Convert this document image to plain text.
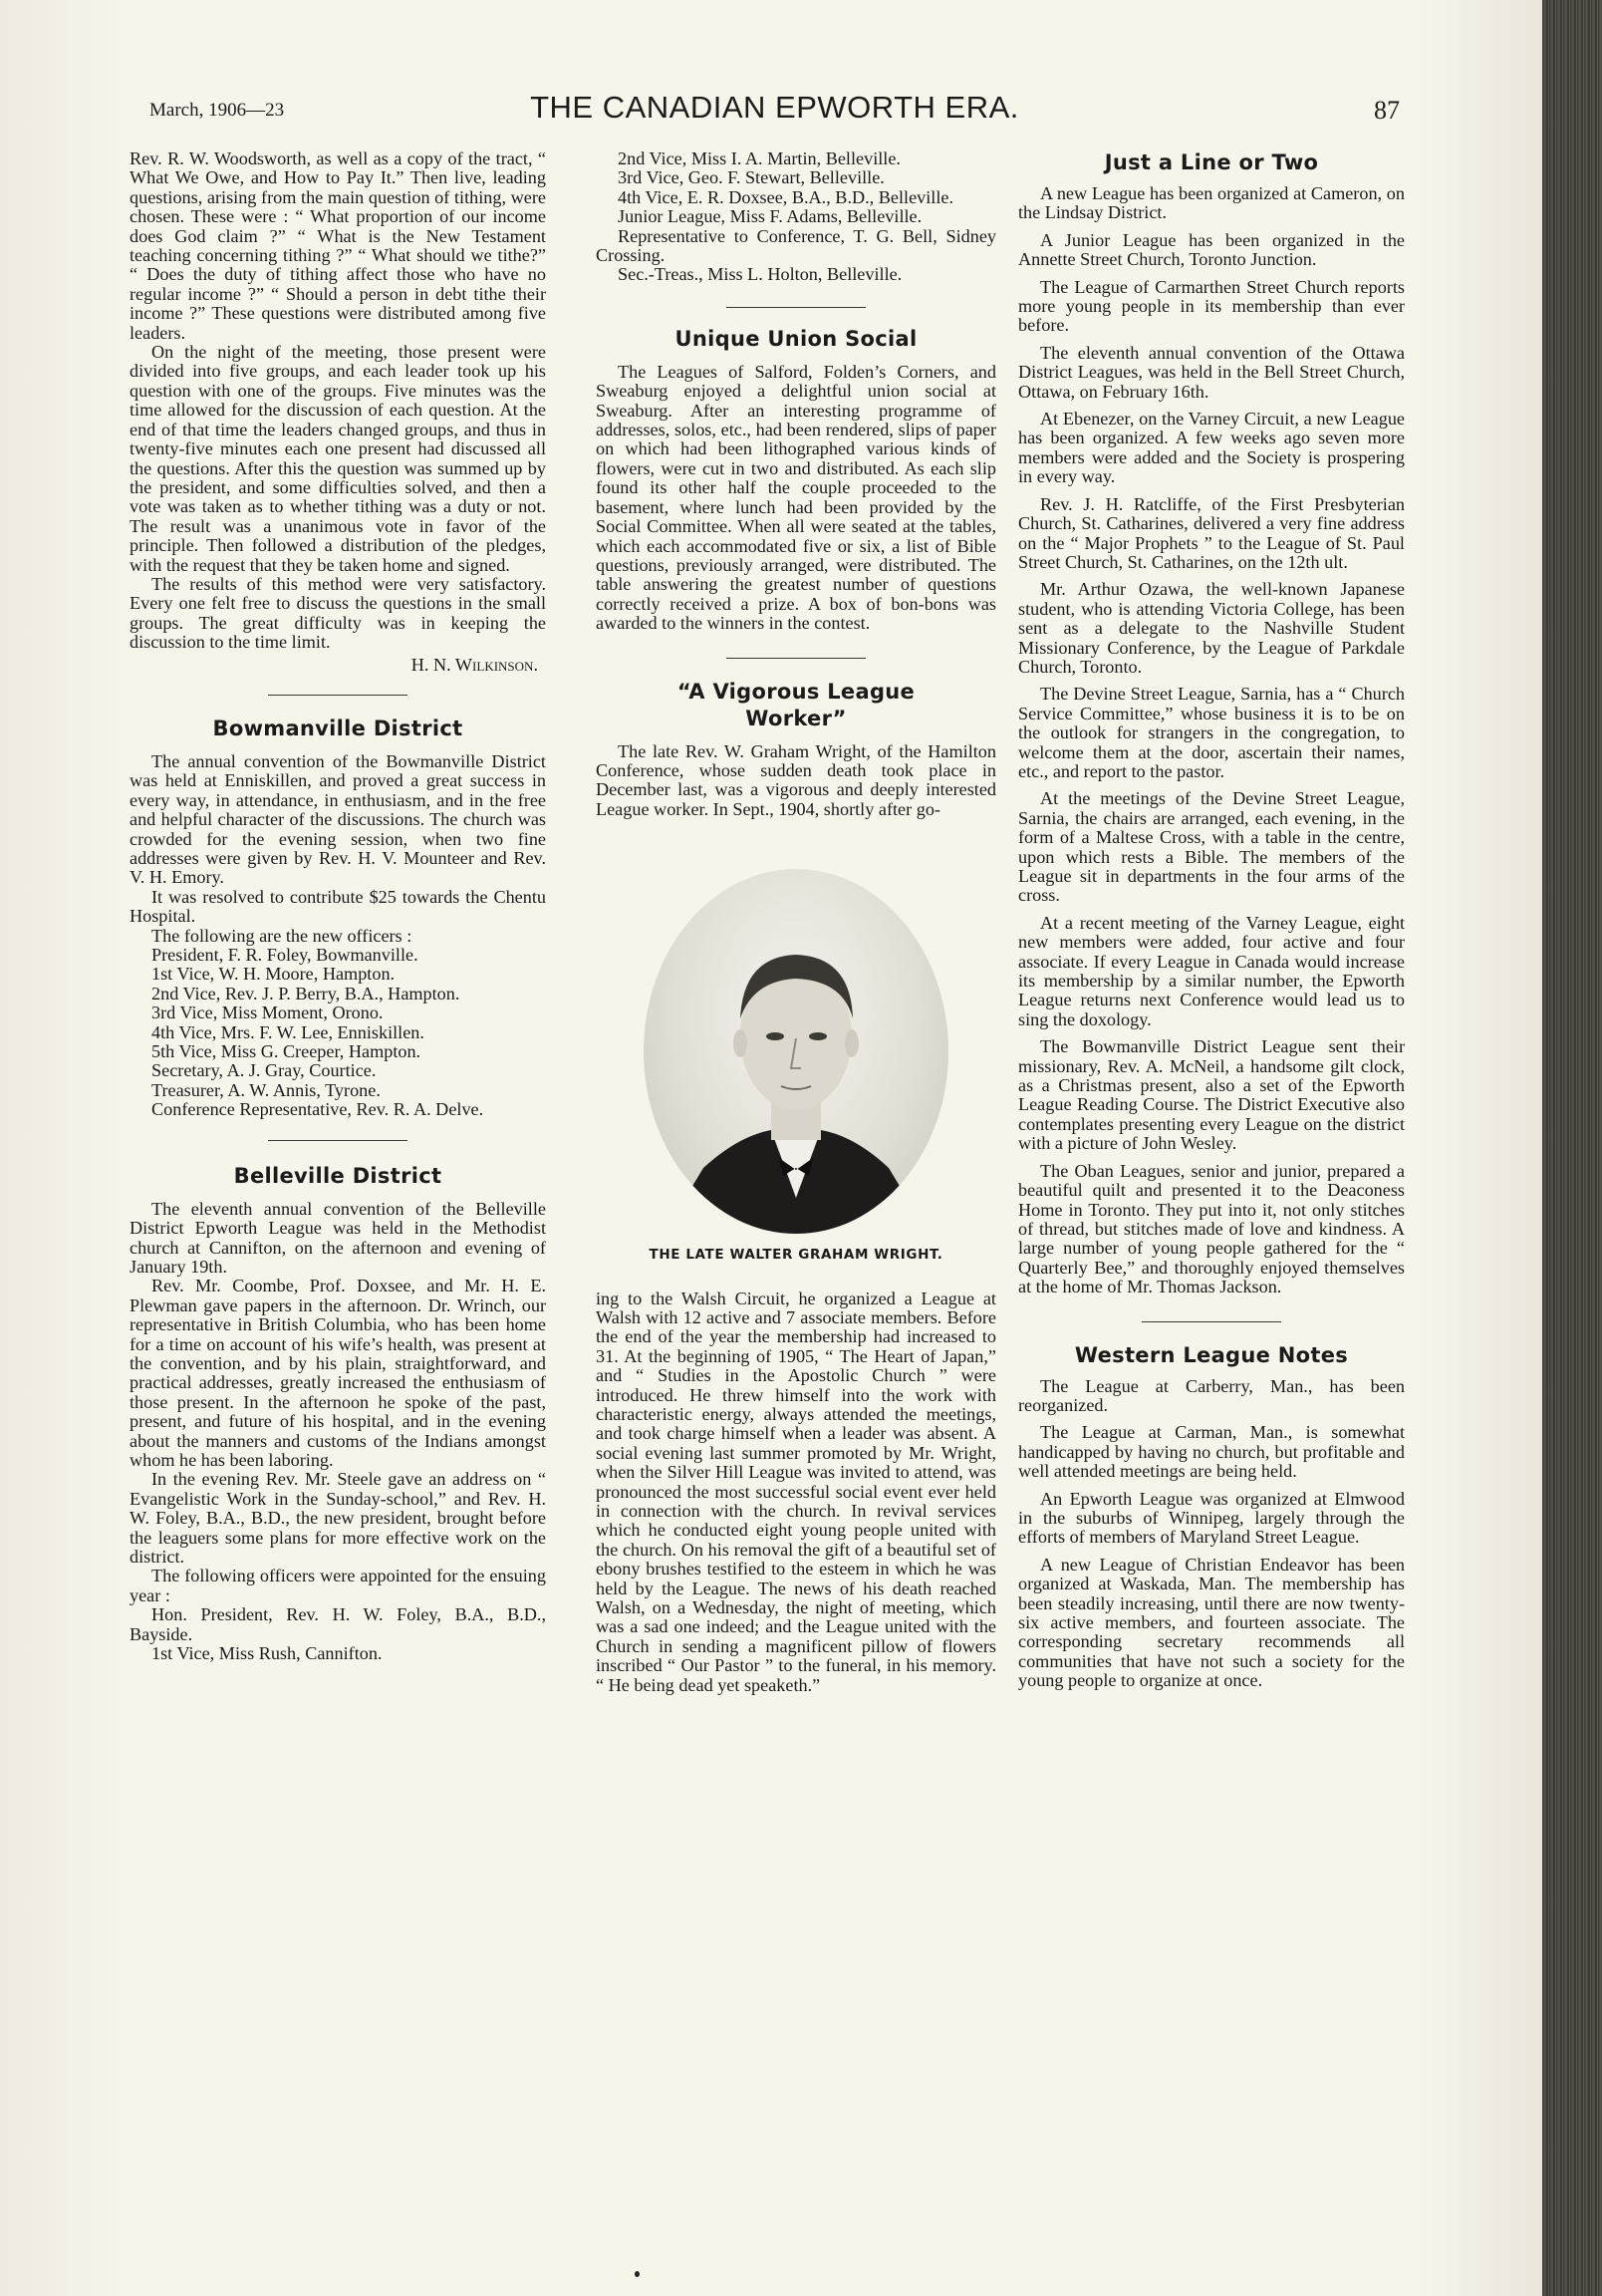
March, 1906—23	THE CANADIAN EPWORTH ERA.	87

Rev. R. W. Woodsworth, as well as a copy of the tract, “ What We Owe, and How to Pay It.” Then live, leading questions, arising from the main question of tithing, were chosen. These were : “ What proportion of our income does God claim ?” “ What is the New Testament teaching concerning tithing ?” “ What should we tithe?” “ Does the duty of tithing affect those who have no regular income ?” “ Should a person in debt tithe their income ?” These questions were distributed among five leaders.

On the night of the meeting, those present were divided into five groups, and each leader took up his question with one of the groups. Five minutes was the time allowed for the discussion of each question. At the end of that time the leaders changed groups, and thus in twenty-five minutes each one present had discussed all the questions. After this the question was summed up by the president, and some difficulties solved, and then a vote was taken as to whether tithing was a duty or not. The result was a unanimous vote in favor of the principle. Then followed a distribution of the pledges, with the request that they be taken home and signed.

The results of this method were very satisfactory. Every one felt free to discuss the questions in the small groups. The great difficulty was in keeping the discussion to the time limit.

H. N. Wilkinson.

Bowmanville District

The annual convention of the Bowmanville District was held at Enniskillen, and proved a great success in every way, in attendance, in enthusiasm, and in the free and helpful character of the discussions. The church was crowded for the evening session, when two fine addresses were given by Rev. H. V. Mounteer and Rev. V. H. Emory.

It was resolved to contribute $25 towards the Chentu Hospital.

The following are the new officers :

President, F. R. Foley, Bowmanville.

1st Vice, W. H. Moore, Hampton.

2nd Vice, Rev. J. P. Berry, B.A., Hampton.

3rd Vice, Miss Moment, Orono.

4th Vice, Mrs. F. W. Lee, Enniskillen.

5th Vice, Miss G. Creeper, Hampton.

Secretary, A. J. Gray, Courtice.

Treasurer, A. W. Annis, Tyrone.

Conference Representative, Rev. R. A. Delve.

Belleville District

The eleventh annual convention of the Belleville District Epworth League was held in the Methodist church at Cannifton, on the afternoon and evening of January 19th.

Rev. Mr. Coombe, Prof. Doxsee, and Mr. H. E. Plewman gave papers in the afternoon. Dr. Wrinch, our representative in British Columbia, who has been home for a time on account of his wife’s health, was present at the convention, and by his plain, straightforward, and practical addresses, greatly increased the enthusiasm of those present. In the afternoon he spoke of the past, present, and future of his hospital, and in the evening about the manners and customs of the Indians amongst whom he has been laboring.

In the evening Rev. Mr. Steele gave an address on “ Evangelistic Work in the Sunday-school,” and Rev. H. W. Foley, B.A., B.D., the new president, brought before the leaguers some plans for more effective work on the district.

The following officers were appointed for the ensuing year :

Hon. President, Rev. H. W. Foley, B.A., B.D., Bayside.

1st Vice, Miss Rush, Cannifton.

2nd Vice, Miss I. A. Martin, Belleville.

3rd Vice, Geo. F. Stewart, Belleville.

4th Vice, E. R. Doxsee, B.A., B.D., Belleville.

Junior League, Miss F. Adams, Belleville.

Representative to Conference, T. G. Bell, Sidney Crossing.

Sec.-Treas., Miss L. Holton, Belleville.

Unique Union Social

The Leagues of Salford, Folden’s Corners, and Sweaburg enjoyed a delightful union social at Sweaburg. After an interesting programme of addresses, solos, etc., had been rendered, slips of paper on which had been lithographed various kinds of flowers, were cut in two and distributed. As each slip found its other half the couple proceeded to the basement, where lunch had been provided by the Social Committee. When all were seated at the tables, which each accommodated five or six, a list of Bible questions, previously arranged, were distributed. The table answering the greatest number of questions correctly received a prize. A box of bon-bons was awarded to the winners in the contest.

“A Vigorous League
Worker”

The late Rev. W. Graham Wright, of the Hamilton Conference, whose sudden death took place in December last, was a vigorous and deeply interested League worker. In Sept., 1904, shortly after go-

THE LATE WALTER GRAHAM WRIGHT.

ing to the Walsh Circuit, he organized a League at Walsh with 12 active and 7 associate members. Before the end of the year the membership had increased to 31. At the beginning of 1905, “ The Heart of Japan,” and “ Studies in the Apostolic Church ” were introduced. He threw himself into the work with characteristic energy, always attended the meetings, and took charge himself when a leader was absent. A social evening last summer promoted by Mr. Wright, when the Silver Hill League was invited to attend, was pronounced the most successful social event ever held in connection with the church. In revival services which he conducted eight young people united with the church. On his removal the gift of a beautiful set of ebony brushes testified to the esteem in which he was held by the League. The news of his death reached Walsh, on a Wednesday, the night of meeting, which was a sad one indeed; and the League united with the Church in sending a magnificent pillow of flowers inscribed “ Our Pastor ” to the funeral, in his memory. “ He being dead yet speaketh.”

Just a Line or Two

A new League has been organized at Cameron, on the Lindsay District.

A Junior League has been organized in the Annette Street Church, Toronto Junction.

The League of Carmarthen Street Church reports more young people in its membership than ever before.

The eleventh annual convention of the Ottawa District Leagues, was held in the Bell Street Church, Ottawa, on February 16th.

At Ebenezer, on the Varney Circuit, a new League has been organized. A few weeks ago seven more members were added and the Society is prospering in every way.

Rev. J. H. Ratcliffe, of the First Presbyterian Church, St. Catharines, delivered a very fine address on the “ Major Prophets ” to the League of St. Paul Street Church, St. Catharines, on the 12th ult.

Mr. Arthur Ozawa, the well-known Japanese student, who is attending Victoria College, has been sent as a delegate to the Nashville Student Missionary Conference, by the League of Parkdale Church, Toronto.

The Devine Street League, Sarnia, has a “ Church Service Committee,” whose business it is to be on the outlook for strangers in the congregation, to welcome them at the door, ascertain their names, etc., and report to the pastor.

At the meetings of the Devine Street League, Sarnia, the chairs are arranged, each evening, in the form of a Maltese Cross, with a table in the centre, upon which rests a Bible. The members of the League sit in departments in the four arms of the cross.

At a recent meeting of the Varney League, eight new members were added, four active and four associate. If every League in Canada would increase its membership by a similar number, the Epworth League returns next Conference would lead us to sing the doxology.

The Bowmanville District League sent their missionary, Rev. A. McNeil, a handsome gilt clock, as a Christmas present, also a set of the Epworth League Reading Course. The District Executive also contemplates presenting every League on the district with a picture of John Wesley.

The Oban Leagues, senior and junior, prepared a beautiful quilt and presented it to the Deaconess Home in Toronto. They put into it, not only stitches of thread, but stitches made of love and kindness. A large number of young people gathered for the “ Quarterly Bee,” and thoroughly enjoyed themselves at the home of Mr. Thomas Jackson.

Western League Notes

The League at Carberry, Man., has been reorganized.

The League at Carman, Man., is somewhat handicapped by having no church, but profitable and well attended meetings are being held.

An Epworth League was organized at Elmwood in the suburbs of Winnipeg, largely through the efforts of members of Maryland Street League.

A new League of Christian Endeavor has been organized at Waskada, Man. The membership has been steadily increasing, until there are now twenty-six active members, and fourteen associate. The corresponding secretary recommends all communities that have not such a society for the young people to organize at once.
